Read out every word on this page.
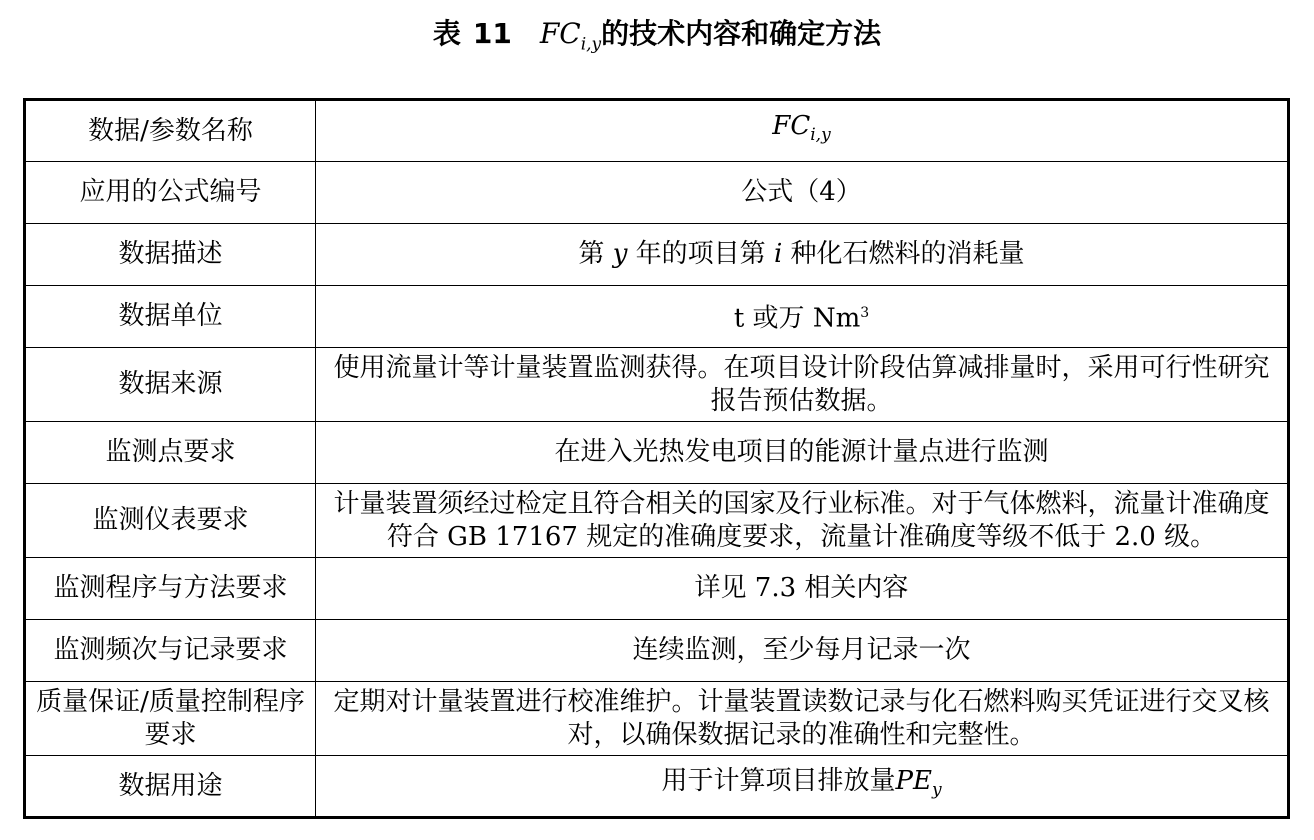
表 11 $FC_{i,y}$的技术内容和确定方法
数据/参数名称	$FC_{i,y}$
应用的公式编号	公式（4）
数据描述	第 y 年的项目第 i 种化石燃料的消耗量
数据单位	t 或万 Nm$^3$
数据来源	使用流量计等计量装置监测获得。在项目设计阶段估算减排量时，采用可行性研究报告预估数据。
监测点要求	在进入光热发电项目的能源计量点进行监测
监测仪表要求	计量装置须经过检定且符合相关的国家及行业标准。对于气体燃料，流量计准确度符合 GB 17167 规定的准确度要求，流量计准确度等级不低于 2.0 级。
监测程序与方法要求	详见 7.3 相关内容
监测频次与记录要求	连续监测，至少每月记录一次
质量保证/质量控制程序要求	定期对计量装置进行校准维护。计量装置读数记录与化石燃料购买凭证进行交叉核对，以确保数据记录的准确性和完整性。
数据用途	用于计算项目排放量$PE_y$
